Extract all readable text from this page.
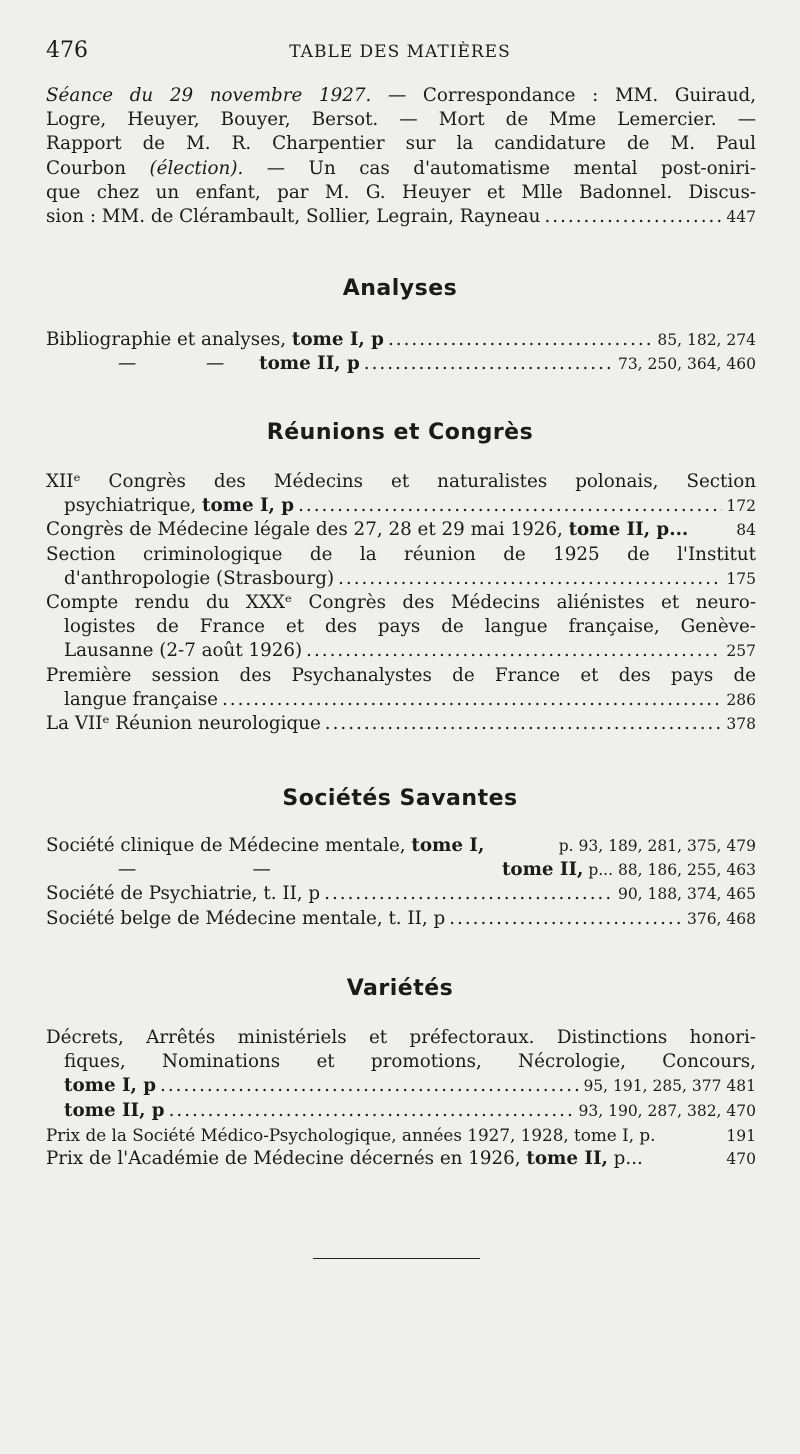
476	TABLE DES MATIÈRES
Séance du 29 novembre 1927. — Correspondance : MM. Guiraud,
Logre, Heuyer, Bouyer, Bersot. — Mort de Mme Lemercier. —
Rapport de M. R. Charpentier sur la candidature de M. Paul
Courbon (élection). — Un cas d'automatisme mental post-oniri-
que chez un enfant, par M. G. Heuyer et Mlle Badonnel. Discus-
sion : MM. de Clérambault, Sollier, Legrain, Rayneau .....	447
Analyses
Bibliographie et analyses, tome I, p .....	85, 182, 274
—            — tome II, p .....	73, 250, 364, 460
Réunions et Congrès
XIIᵉ Congrès des Médecins et naturalistes polonais, Section
psychiatrique, tome I, p .....	172
Congrès de Médecine légale des 27, 28 et 29 mai 1926, tome II, p...	84
Section criminologique de la réunion de 1925 de l'Institut
d'anthropologie (Strasbourg) .....	175
Compte rendu du XXXᵉ Congrès des Médecins aliénistes et neuro-
logistes de France et des pays de langue française, Genève-
Lausanne (2-7 août 1926) .....	257
Première session des Psychanalystes de France et des pays de
langue française .....	286
La VIIᵉ Réunion neurologique .....	378
Sociétés Savantes
Société clinique de Médecine mentale, tome I,	p. 93, 189, 281, 375, 479
—                    —	tome II, p... 88, 186, 255, 463
Société de Psychiatrie, t. II, p .....	90, 188, 374, 465
Société belge de Médecine mentale, t. II, p .....	376, 468
Variétés
Décrets, Arrêtés ministériels et préfectoraux. Distinctions honori-
fiques, Nominations et promotions, Nécrologie, Concours,
tome I, p .....	95, 191, 285, 377 481
tome II, p .....	93, 190, 287, 382, 470
Prix de la Société Médico-Psychologique, années 1927, 1928, tome I, p.	191
Prix de l'Académie de Médecine décernés en 1926, tome II, p...	470
